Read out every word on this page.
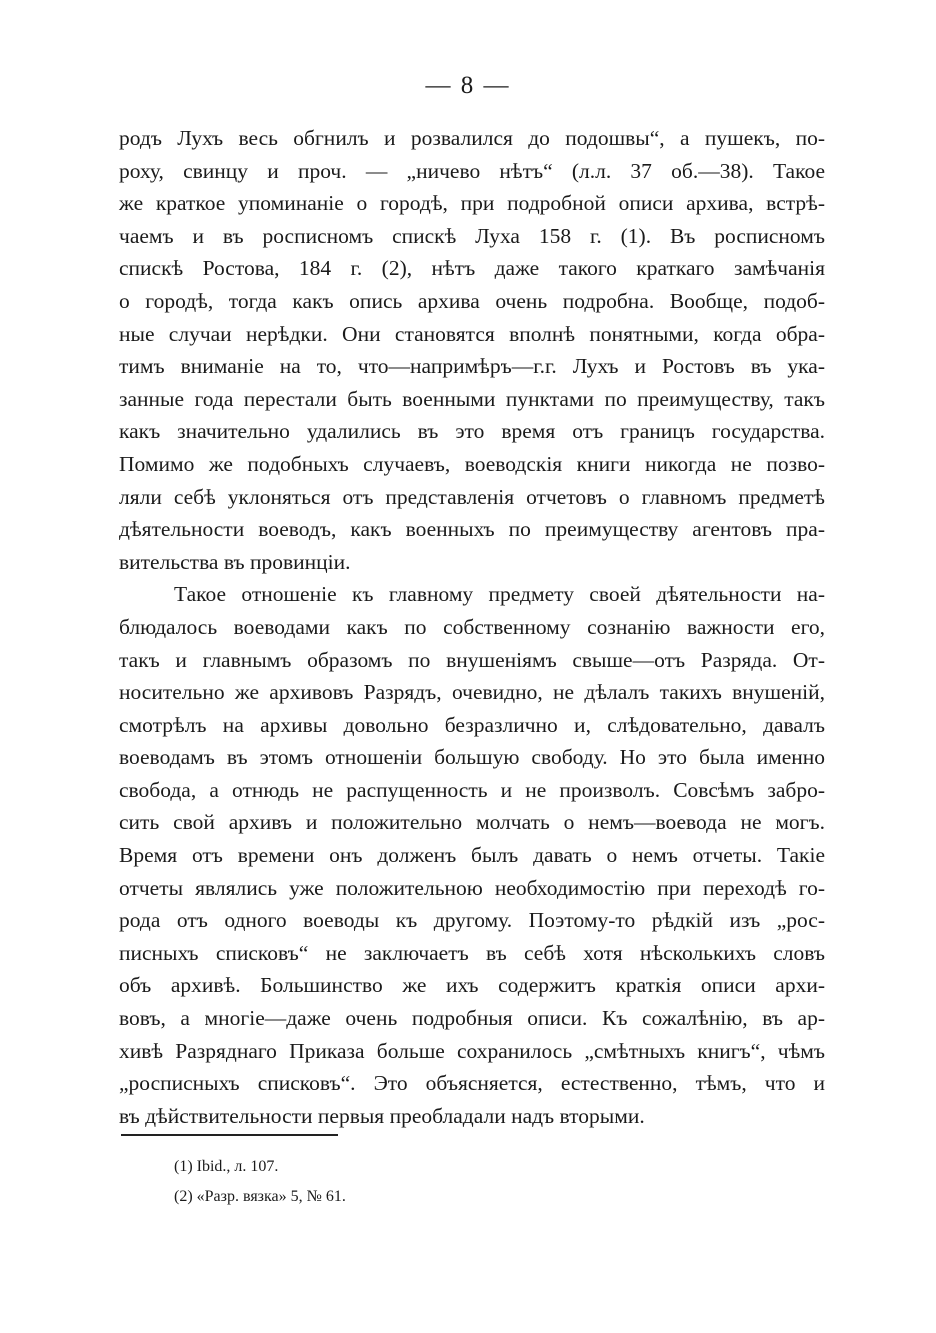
— 8 —
родъ Лухъ весь обгнилъ и розвалился до подошвы“, а пушекъ, по-
роху, свинцу и проч. — „ничево нѣтъ“ (л.л. 37 об.—38). Такое
же краткое упоминаніе о городѣ, при подробной описи архива, встрѣ-
чаемъ и въ росписномъ спискѣ Луха 158 г. (1). Въ росписномъ
спискѣ Ростова, 184 г. (2), нѣтъ даже такого краткаго замѣчанія
о городѣ, тогда какъ опись архива очень подробна. Вообще, подоб-
ные случаи нерѣдки. Они становятся вполнѣ понятными, когда обра-
тимъ вниманіе на то, что—напримѣръ—г.г. Лухъ и Ростовъ въ ука-
занные года перестали быть военными пунктами по преимуществу, такъ
какъ значительно удалились въ это время отъ границъ государства.
Помимо же подобныхъ случаевъ, воеводскія книги никогда не позво-
ляли себѣ уклоняться отъ представленія отчетовъ о главномъ предметѣ
дѣятельности воеводъ, какъ военныхъ по преимуществу агентовъ пра-
вительства въ провинціи.
Такое отношеніе къ главному предмету своей дѣятельности на-
блюдалось воеводами какъ по собственному сознанію важности его,
такъ и главнымъ образомъ по внушеніямъ свыше—отъ Разряда. От-
носительно же архивовъ Разрядъ, очевидно, не дѣлалъ такихъ внушеній,
смотрѣлъ на архивы довольно безразлично и, слѣдовательно, давалъ
воеводамъ въ этомъ отношеніи большую свободу. Но это была именно
свобода, а отнюдь не распущенность и не произволъ. Совсѣмъ забро-
сить свой архивъ и положительно молчать о немъ—воевода не могъ.
Время отъ времени онъ долженъ былъ давать о немъ отчеты. Такіе
отчеты являлись уже положительною необходимостію при переходѣ го-
рода отъ одного воеводы къ другому. Поэтому-то рѣдкій изъ „рос-
писныхъ списковъ“ не заключаетъ въ себѣ хотя нѣсколькихъ словъ
объ архивѣ. Большинство же ихъ содержитъ краткія описи архи-
вовъ, а многіе—даже очень подробныя описи. Къ сожалѣнію, въ ар-
хивѣ Разряднаго Приказа больше сохранилось „смѣтныхъ книгъ“, чѣмъ
„росписныхъ списковъ“. Это объясняется, естественно, тѣмъ, что и
въ дѣйствительности первыя преобладали надъ вторыми.
(1) Ibid., л. 107.
(2) «Разр. вязка» 5, № 61.
